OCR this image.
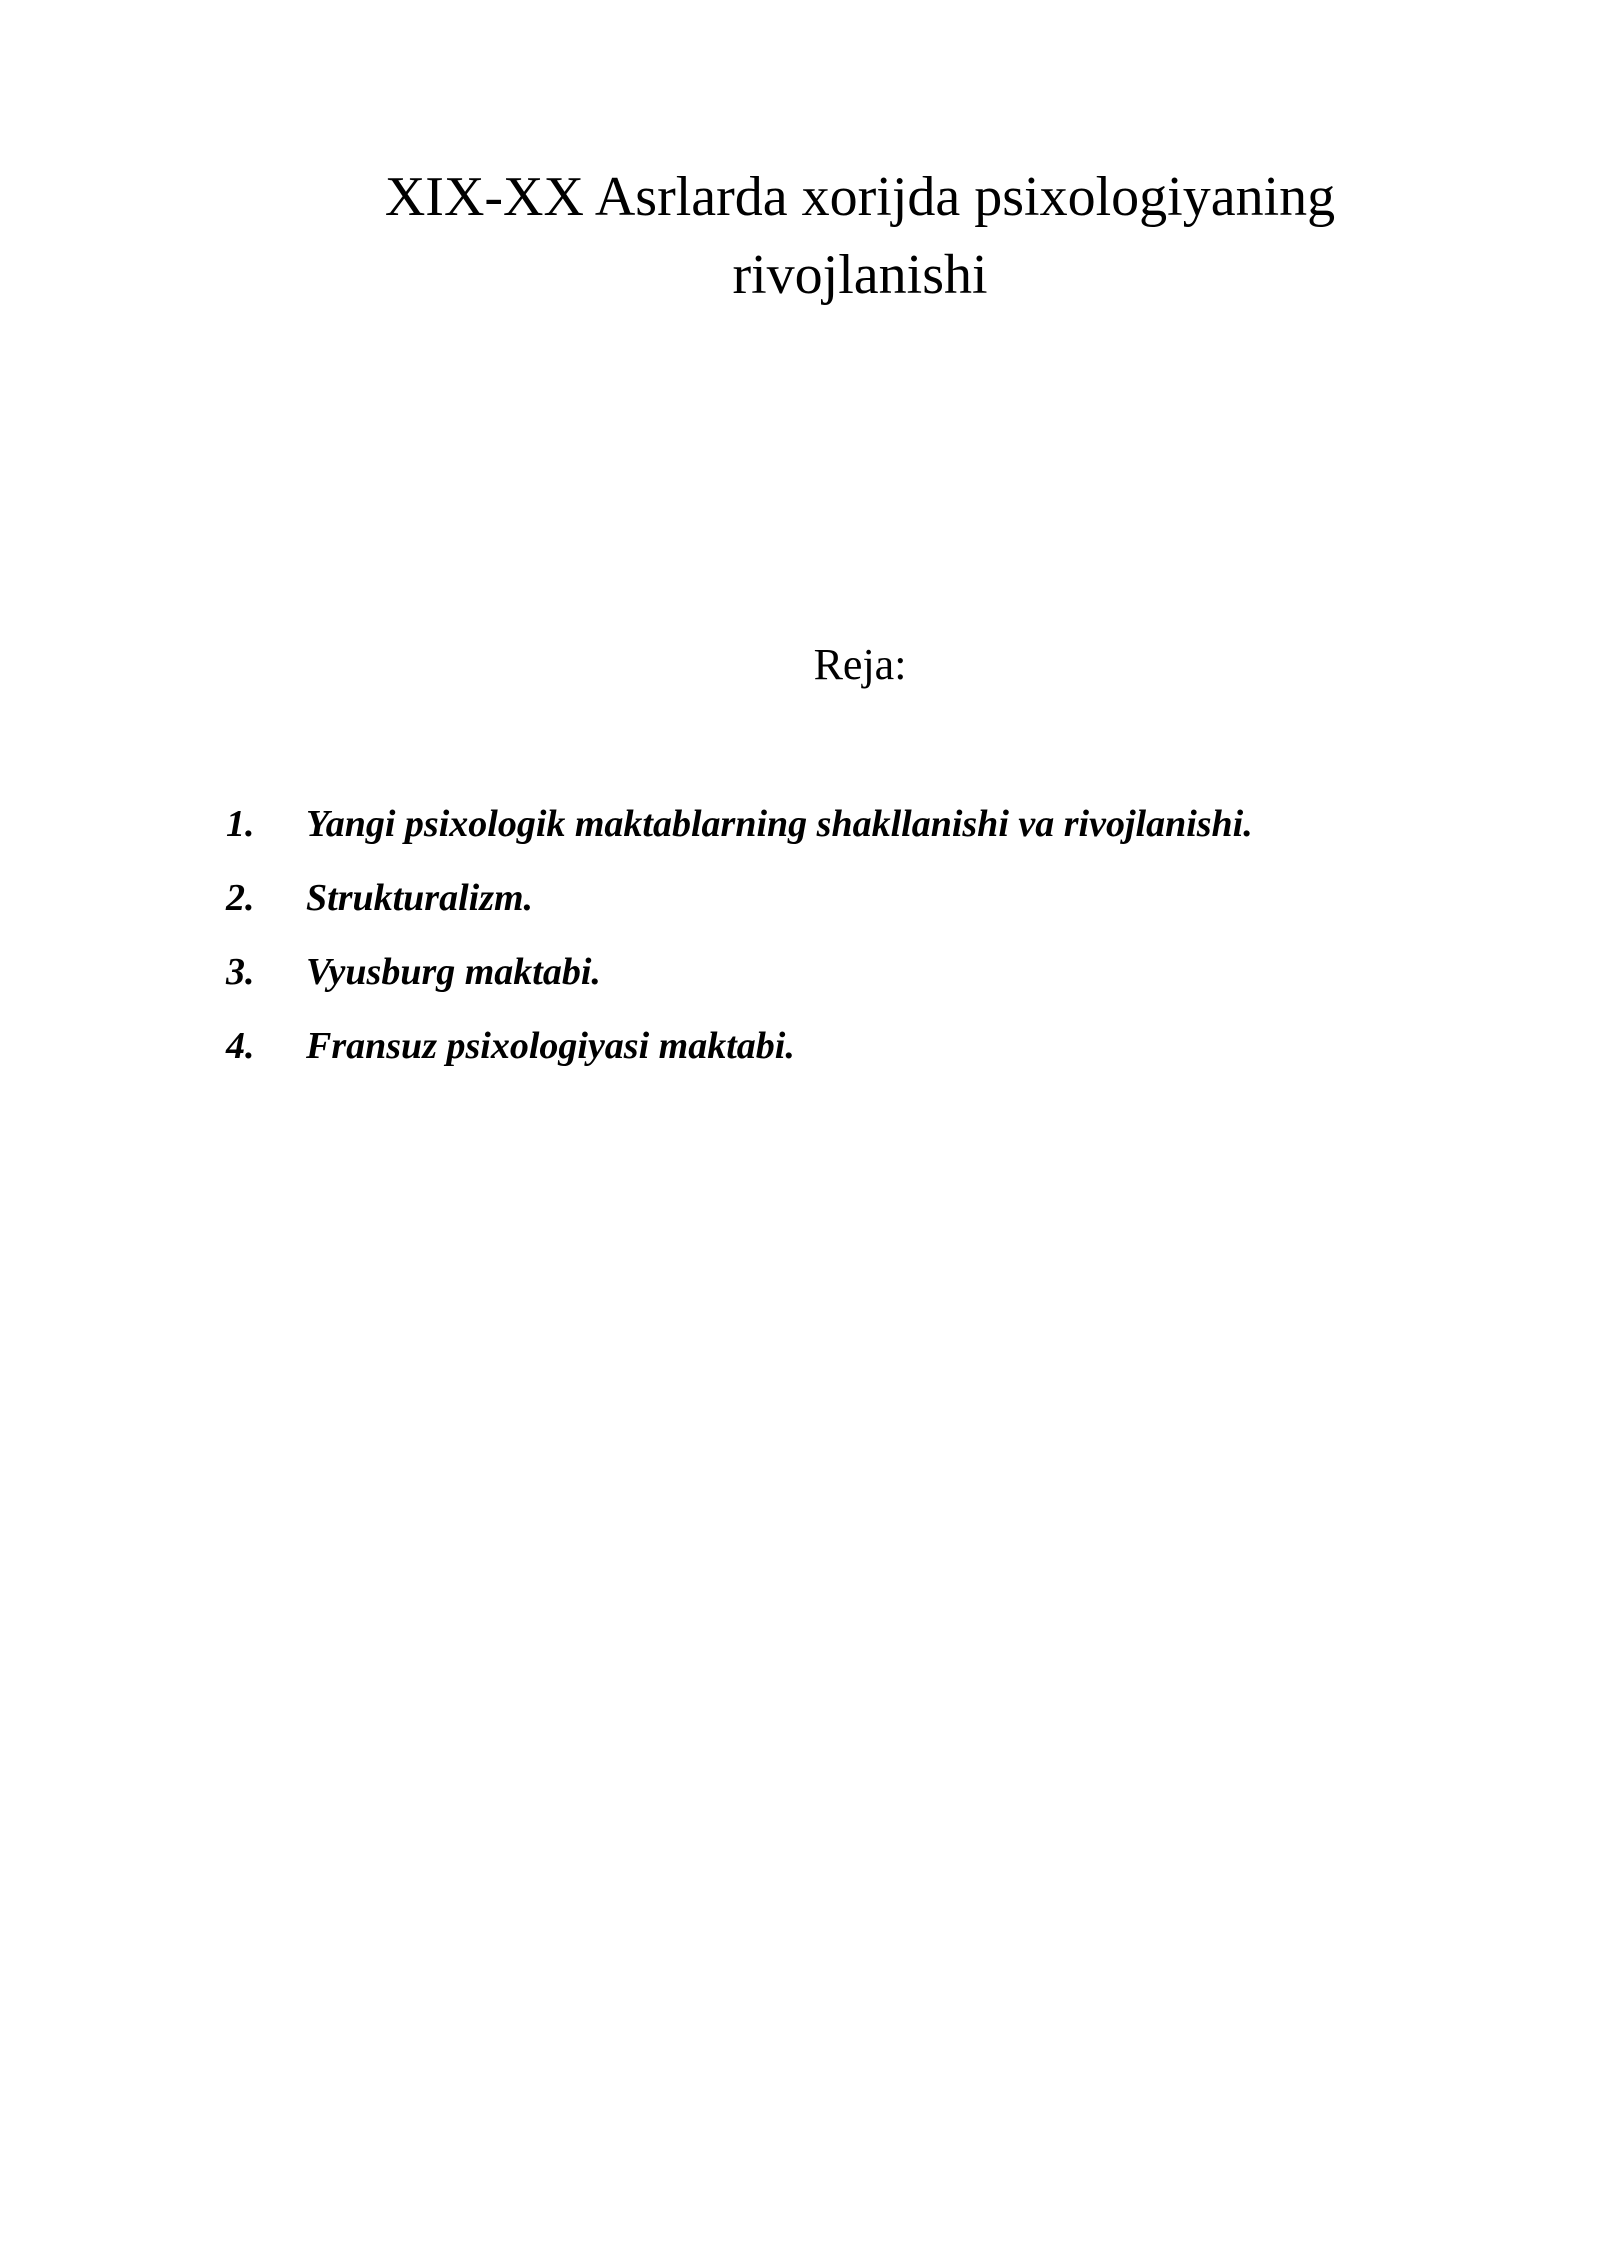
XIX-XX Asrlarda xorijda psixologiyaning
rivojlanishi

Reja:

1.	Yangi psixologik maktablarning shakllanishi va rivojlanishi.
2.	Strukturalizm.
3.	Vyusburg maktabi.
4.	Fransuz psixologiyasi maktabi.
